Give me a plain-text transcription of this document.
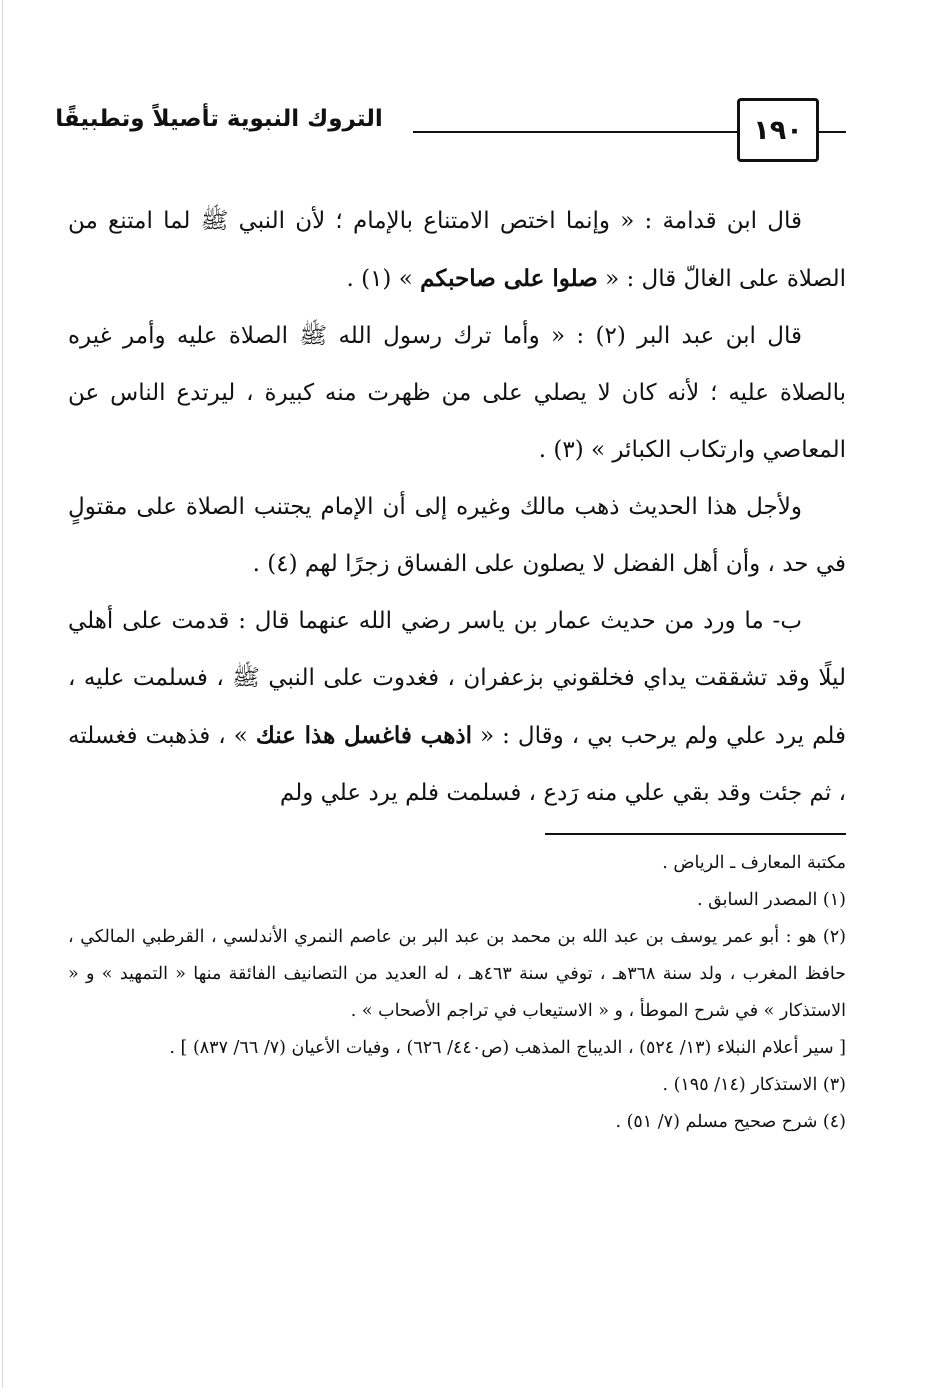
١٩٠
التروك النبوية تأصيلاً وتطبيقًا

قال ابن قدامة : « وإنما اختص الامتناع بالإمام ؛ لأن النبي ﷺ لما امتنع من الصلاة على الغالّ قال : « صلوا على صاحبكم » (١) .

قال ابن عبد البر (٢) : « وأما ترك رسول الله ﷺ الصلاة عليه وأمر غيره بالصلاة عليه ؛ لأنه كان لا يصلي على من ظهرت منه كبيرة ، ليرتدع الناس عن المعاصي وارتكاب الكبائر » (٣) .

ولأجل هذا الحديث ذهب مالك وغيره إلى أن الإمام يجتنب الصلاة على مقتولٍ في حد ، وأن أهل الفضل لا يصلون على الفساق زجرًا لهم (٤) .

ب- ما ورد من حديث عمار بن ياسر رضي الله عنهما قال : قدمت على أهلي ليلًا وقد تشققت يداي فخلقوني بزعفران ، فغدوت على النبي ﷺ ، فسلمت عليه ، فلم يرد علي ولم يرحب بي ، وقال : « اذهب فاغسل هذا عنك » ، فذهبت فغسلته ، ثم جئت وقد بقي علي منه رَدع ، فسلمت فلم يرد علي ولم

مكتبة المعارف ـ الرياض .

(١) المصدر السابق .

(٢) هو : أبو عمر يوسف بن عبد الله بن محمد بن عبد البر بن عاصم النمري الأندلسي ، القرطبي المالكي ، حافظ المغرب ، ولد سنة ٣٦٨هـ ، توفي سنة ٤٦٣هـ ، له العديد من التصانيف الفائقة منها « التمهيد » و « الاستذكار » في شرح الموطأ ، و « الاستيعاب في تراجم الأصحاب » .

[ سير أعلام النبلاء (١٣/ ٥٢٤) ، الديباج المذهب (ص٤٤٠/ ٦٢٦) ، وفيات الأعيان (٧/ ٦٦/ ٨٣٧) ] .

(٣) الاستذكار (١٤/ ١٩٥) .

(٤) شرح صحيح مسلم (٧/ ٥١) .
